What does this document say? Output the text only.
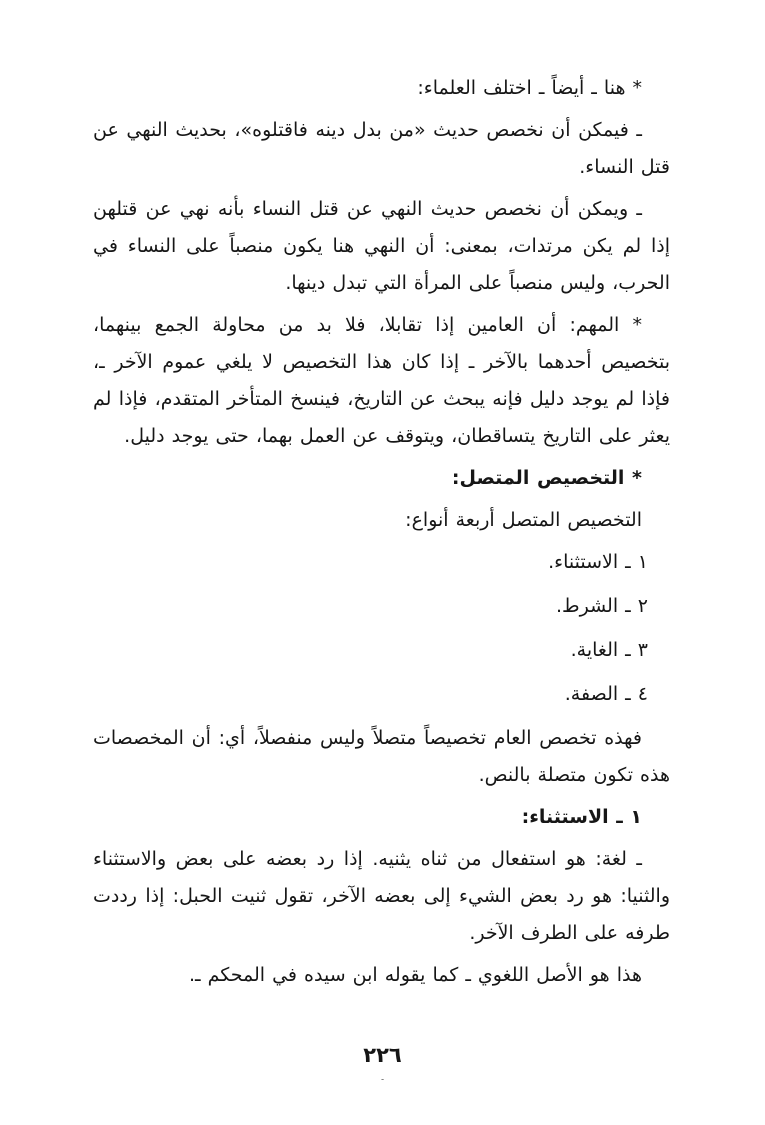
* هنا ـ أيضاً ـ اختلف العلماء:

ـ فيمكن أن نخصص حديث «من بدل دينه فاقتلوه»، بحديث النهي عن قتل النساء.

ـ ويمكن أن نخصص حديث النهي عن قتل النساء بأنه نهي عن قتلهن إذا لم يكن مرتدات، بمعنى: أن النهي هنا يكون منصباً على النساء في الحرب، وليس منصباً على المرأة التي تبدل دينها.

* المهم: أن العامين إذا تقابلا، فلا بد من محاولة الجمع بينهما، بتخصيص أحدهما بالآخر ـ إذا كان هذا التخصيص لا يلغي عموم الآخر ـ، فإذا لم يوجد دليل فإنه يبحث عن التاريخ، فينسخ المتأخر المتقدم، فإذا لم يعثر على التاريخ يتساقطان، ويتوقف عن العمل بهما، حتى يوجد دليل.

* التخصيص المتصل:

التخصيص المتصل أربعة أنواع:

١ ـ الاستثناء.

٢ ـ الشرط.

٣ ـ الغاية.

٤ ـ الصفة.

فهذه تخصص العام تخصيصاً متصلاً وليس منفصلاً، أي: أن المخصصات هذه تكون متصلة بالنص.

١ ـ الاستثناء:

ـ لغة: هو استفعال من ثناه يثنيه. إذا رد بعضه على بعض والاستثناء والثنيا: هو رد بعض الشيء إلى بعضه الآخر، تقول ثنيت الحبل: إذا رددت طرفه على الطرف الآخر.

هذا هو الأصل اللغوي ـ كما يقوله ابن سيده في المحكم ـ.

٢٢٦
۔
